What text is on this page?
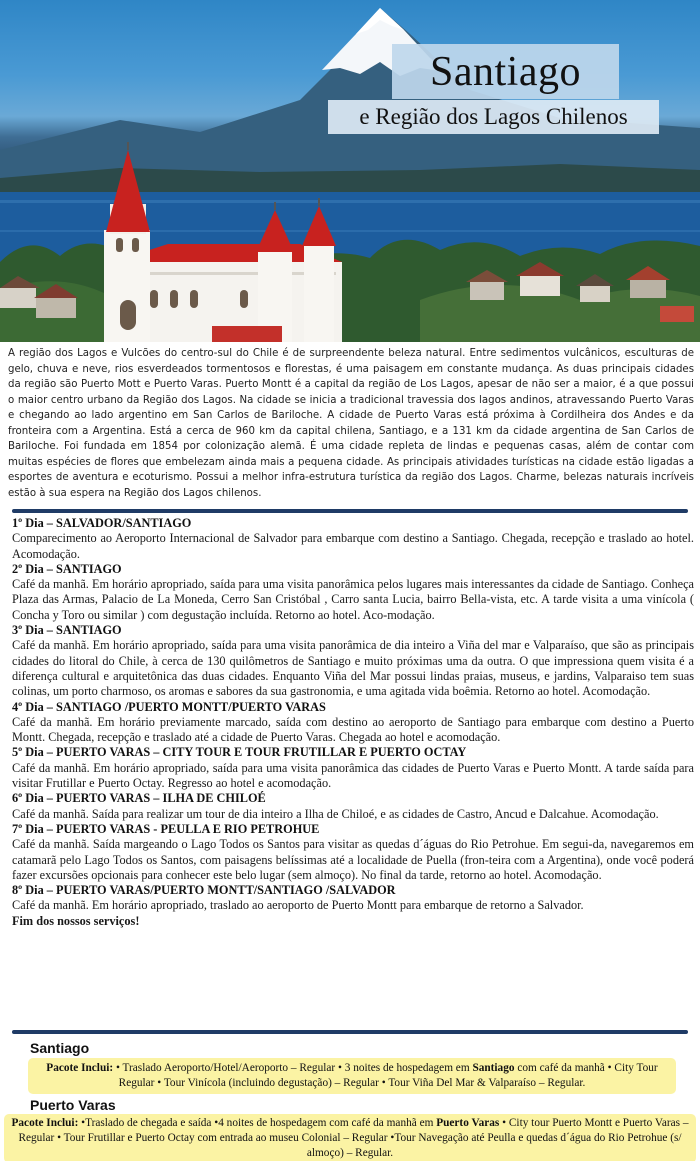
Santiago
e Região dos Lagos Chilenos

A região dos Lagos e Vulcões do centro-sul do Chile é de surpreendente beleza natural. Entre sedimentos vulcânicos, esculturas de gelo, chuva e neve, rios esverdeados tormentosos e florestas, é uma paisagem em constante mudança. As duas principais cidades da região são Puerto Mott e Puerto Varas. Puerto Montt é a capital da região de Los Lagos, apesar de não ser a maior, é a que possui o maior centro urbano da Região dos Lagos. Na cidade se inicia a tradicional travessia dos lagos andinos, atravessando Puerto Varas e chegando ao lado argentino em San Carlos de Bariloche. A cidade de Puerto Varas está próxima à Cordilheira dos Andes e da fronteira com a Argentina. Está a cerca de 960 km da capital chilena, Santiago, e a 131 km da cidade argentina de San Carlos de Bariloche. Foi fundada em 1854 por colonização alemã. É uma cidade repleta de lindas e pequenas casas, além de contar com muitas espécies de flores que embelezam ainda mais a pequena cidade. As principais atividades turísticas na cidade estão ligadas a esportes de aventura e ecoturismo. Possui a melhor infra-estrutura turística da região dos Lagos. Charme, belezas naturais incríveis estão à sua espera na Região dos Lagos chilenos.

1º Dia – SALVADOR/SANTIAGO
Comparecimento ao Aeroporto Internacional de Salvador para embarque com destino a Santiago. Chegada, recepção e traslado ao hotel. Acomodação.
2º Dia – SANTIAGO
Café da manhã. Em horário apropriado, saída para uma visita panorâmica pelos lugares mais interessantes da cidade de Santiago. Conheça Plaza das Armas, Palacio de La Moneda, Cerro San Cristóbal , Carro santa Lucia, bairro Bella-vista, etc. A tarde visita a uma vinícola ( Concha y Toro ou similar ) com degustação incluída. Retorno ao hotel. Aco-modação.
3º Dia – SANTIAGO
Café da manhã. Em horário apropriado, saída para uma visita panorâmica de dia inteiro a Viña del mar e Valparaíso, que são as principais cidades do litoral do Chile, à cerca de 130 quilômetros de Santiago e muito próximas uma da outra. O que impressiona quem visita é a diferença cultural e arquitetônica das duas cidades. Enquanto Viña del Mar possui lindas praias, museus, e jardins, Valparaiso tem suas colinas, um porto charmoso, os aromas e sabores da sua gastronomia, e uma agitada vida boêmia. Retorno ao hotel. Acomodação.
4º Dia – SANTIAGO /PUERTO MONTT/PUERTO VARAS
Café da manhã. Em horário previamente marcado, saída com destino ao aeroporto de Santiago para embarque com destino a Puerto Montt. Chegada, recepção e traslado até a cidade de Puerto Varas. Chegada ao hotel e acomodação.
5º Dia – PUERTO VARAS – CITY TOUR E TOUR FRUTILLAR E PUERTO OCTAY
Café da manhã. Em horário apropriado, saída para uma visita panorâmica das cidades de Puerto Varas e Puerto Montt. A tarde saída para visitar Frutillar e Puerto Octay. Regresso ao hotel e acomodação.
6º Dia – PUERTO VARAS – ILHA DE CHILOÉ
Café da manhã. Saída para realizar um tour de dia inteiro a Ilha de Chiloé, e as cidades de Castro, Ancud e Dalcahue. Acomodação.
7º Dia – PUERTO VARAS - PEULLA E RIO PETROHUE
Café da manhã. Saída margeando o Lago Todos os Santos para visitar as quedas d´águas do Rio Petrohue. Em segui-da, navegaremos em catamarã pelo Lago Todos os Santos, com paisagens belíssimas até a localidade de Puella (fron-teira com a Argentina), onde você poderá fazer excursões opcionais para conhecer este belo lugar (sem almoço). No final da tarde, retorno ao hotel. Acomodação.
8º Dia – PUERTO VARAS/PUERTO MONTT/SANTIAGO /SALVADOR
Café da manhã. Em horário apropriado, traslado ao aeroporto de Puerto Montt para embarque de retorno a Salvador.
Fim dos nossos serviços!
Santiago
Pacote Inclui: • Traslado Aeroporto/Hotel/Aeroporto – Regular • 3 noites de hospedagem em Santiago com café da manhã • City Tour Regular • Tour Vinícola (incluindo degustação) – Regular • Tour Viña Del Mar & Valparaíso – Regular.
Puerto Varas
Pacote Inclui: •Traslado de chegada e saída •4 noites de hospedagem com café da manhã em Puerto Varas • City tour Puerto Montt e Puerto Varas – Regular • Tour Frutillar e Puerto Octay com entrada ao museu Colonial – Regular •Tour Navegação até Peulla e quedas d´água do Rio Petrohue (s/ almoço) – Regular.
